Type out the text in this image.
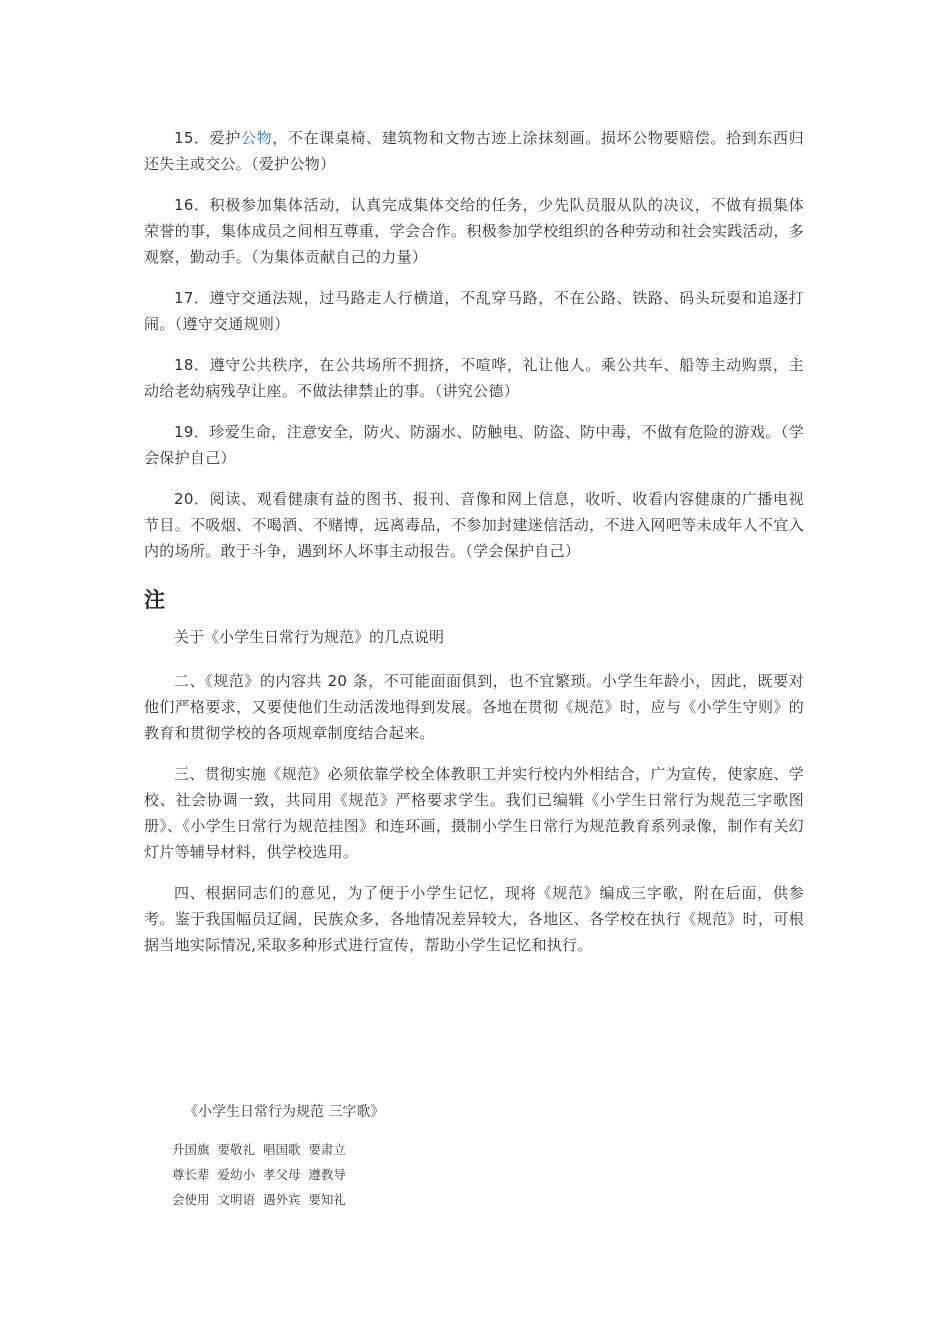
15．爱护公物，不在课桌椅、建筑物和文物古迹上涂抹刻画。损坏公物要赔偿。拾到东西归还失主或交公。（爱护公物）

16．积极参加集体活动，认真完成集体交给的任务，少先队员服从队的决议，不做有损集体荣誉的事，集体成员之间相互尊重，学会合作。积极参加学校组织的各种劳动和社会实践活动，多观察，勤动手。（为集体贡献自己的力量）

17．遵守交通法规，过马路走人行横道，不乱穿马路，不在公路、铁路、码头玩耍和追逐打闹。（遵守交通规则）

18．遵守公共秩序，在公共场所不拥挤，不喧哗，礼让他人。乘公共车、船等主动购票，主动给老幼病残孕让座。不做法律禁止的事。（讲究公德）

19．珍爱生命，注意安全，防火、防溺水、防触电、防盗、防中毒，不做有危险的游戏。（学会保护自己）

20．阅读、观看健康有益的图书、报刊、音像和网上信息，收听、收看内容健康的广播电视节目。不吸烟、不喝酒、不赌博，远离毒品，不参加封建迷信活动，不进入网吧等未成年人不宜入内的场所。敢于斗争，遇到坏人坏事主动报告。（学会保护自己）

注

关于《小学生日常行为规范》的几点说明

二、《规范》的内容共 20 条，不可能面面俱到，也不宜繁琐。小学生年龄小，因此，既要对他们严格要求，又要使他们生动活泼地得到发展。各地在贯彻《规范》时，应与《小学生守则》的教育和贯彻学校的各项规章制度结合起来。

三、贯彻实施《规范》必须依靠学校全体教职工并实行校内外相结合，广为宣传，使家庭、学校、社会协调一致，共同用《规范》严格要求学生。我们已编辑《小学生日常行为规范三字歌图册》、《小学生日常行为规范挂图》和连环画，摄制小学生日常行为规范教育系列录像，制作有关幻灯片等辅导材料，供学校选用。

四、根据同志们的意见，为了便于小学生记忆，现将《规范》编成三字歌，附在后面，供参考。鉴于我国幅员辽阔，民族众多，各地情况差异较大，各地区、各学校在执行《规范》时，可根据当地实际情况,采取多种形式进行宣传，帮助小学生记忆和执行。

《小学生日常行为规范 三字歌》

升国旗 要敬礼 唱国歌 要肃立

尊长辈 爱幼小 孝父母 遵教导

会使用 文明语 遇外宾 要知礼
